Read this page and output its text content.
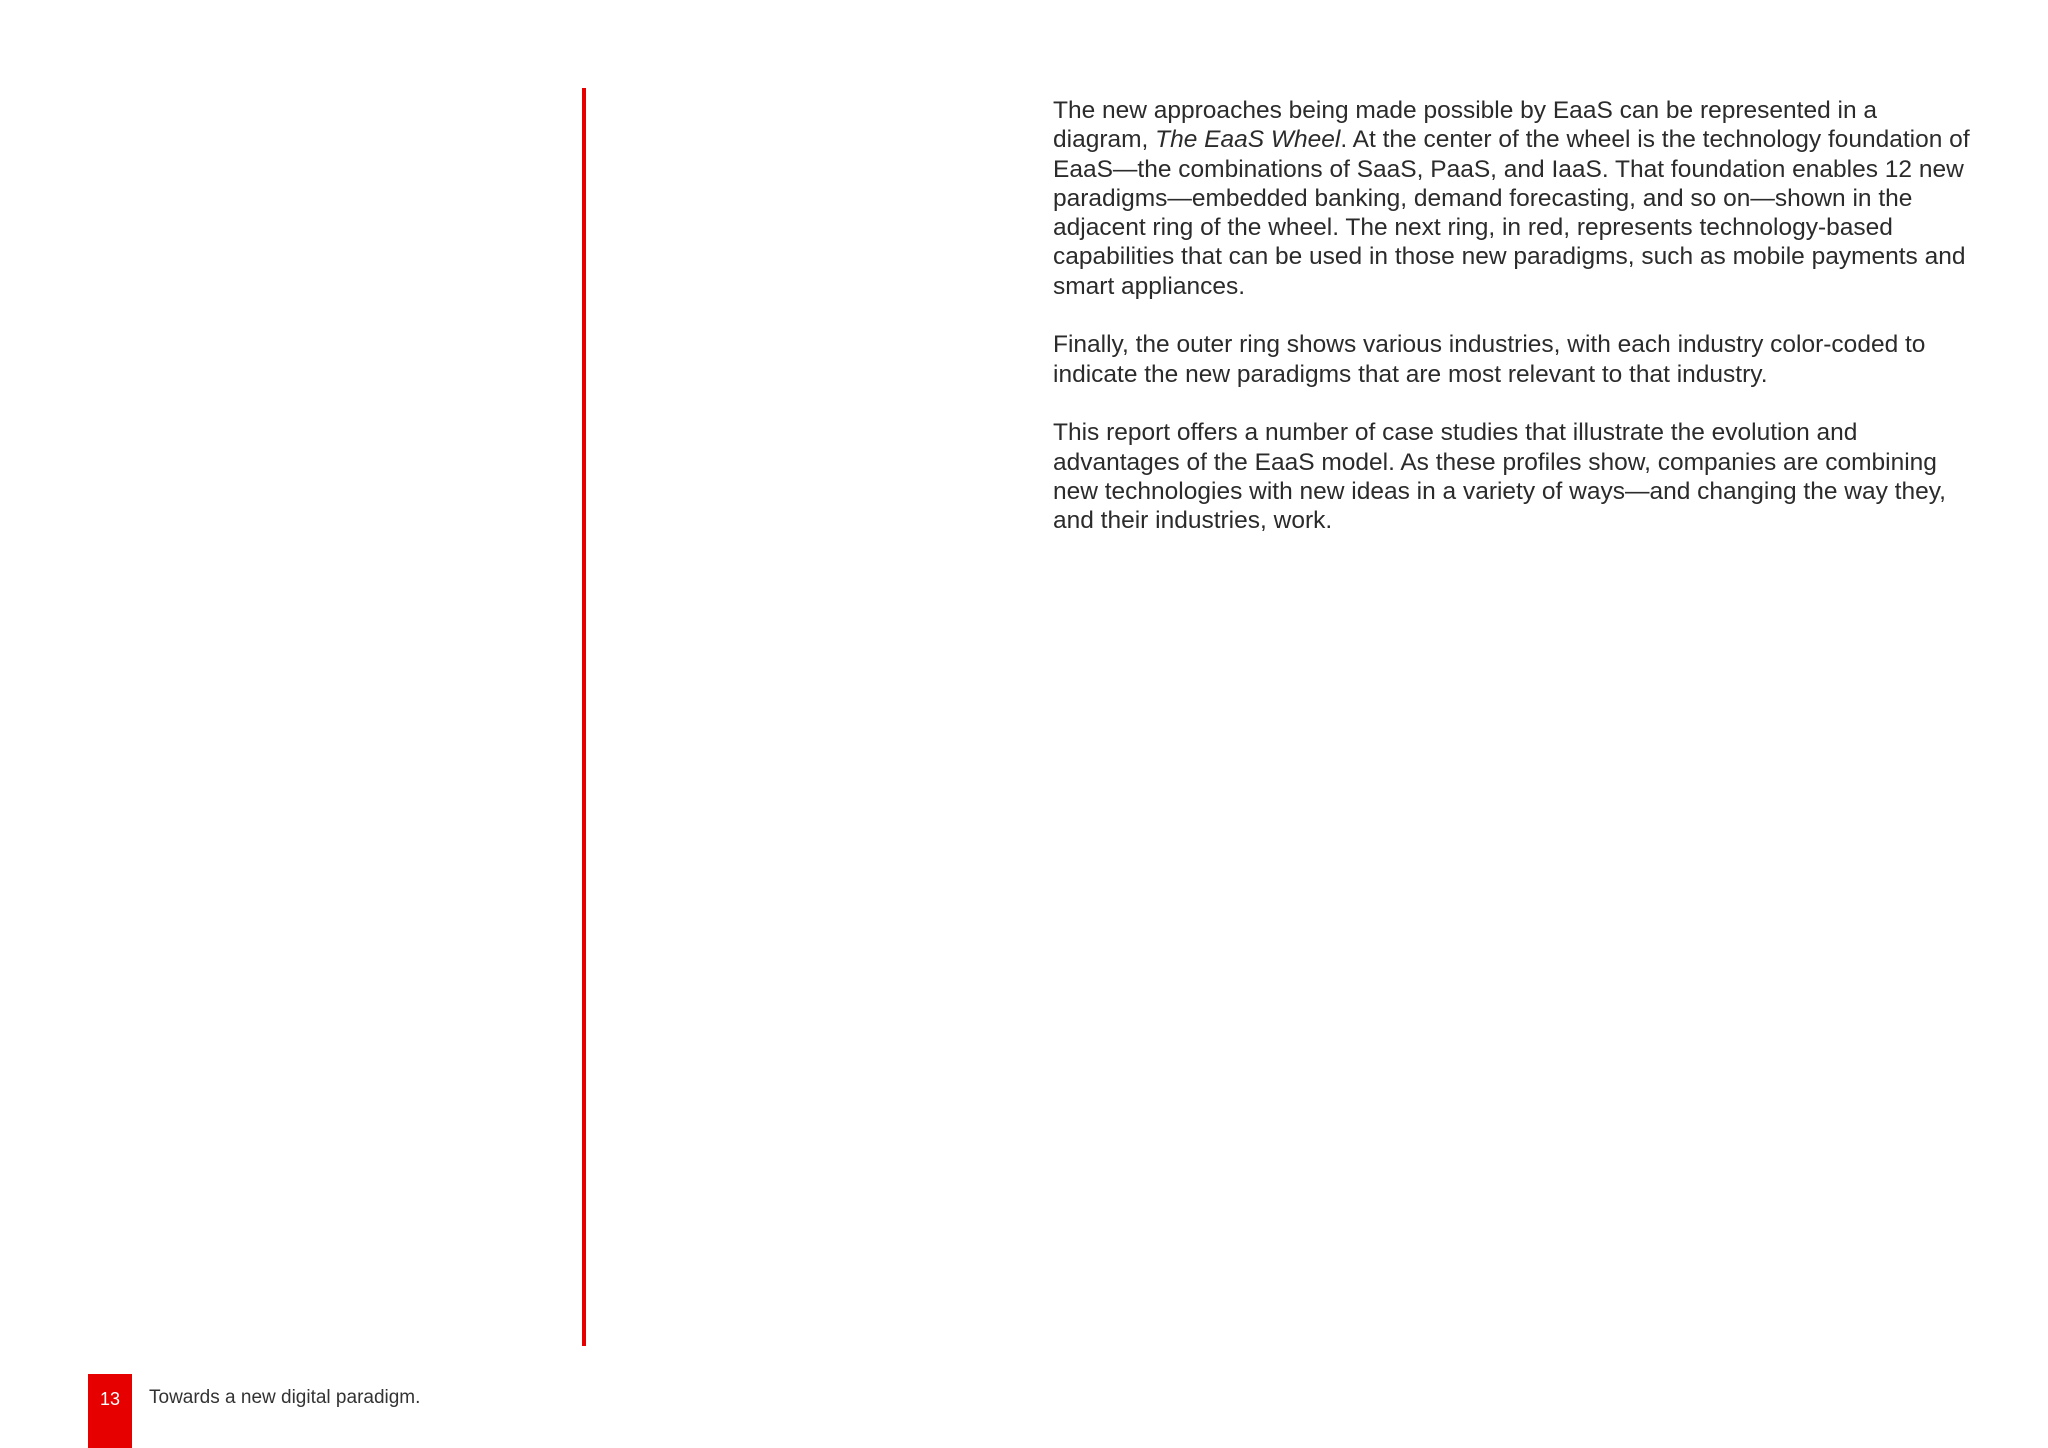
The new approaches being made possible by EaaS can be represented in a diagram, The EaaS Wheel. At the center of the wheel is the technology foundation of EaaS—the combinations of SaaS, PaaS, and IaaS. That foundation enables 12 new paradigms—embedded banking, demand forecasting, and so on—shown in the adjacent ring of the wheel. The next ring, in red, represents technology-based capabilities that can be used in those new paradigms, such as mobile payments and smart appliances.

Finally, the outer ring shows various industries, with each industry color-coded to indicate the new paradigms that are most relevant to that industry.

This report offers a number of case studies that illustrate the evolution and advantages of the EaaS model. As these profiles show, companies are combining new technologies with new ideas in a variety of ways—and changing the way they, and their industries, work.

13	Towards a new digital paradigm.
